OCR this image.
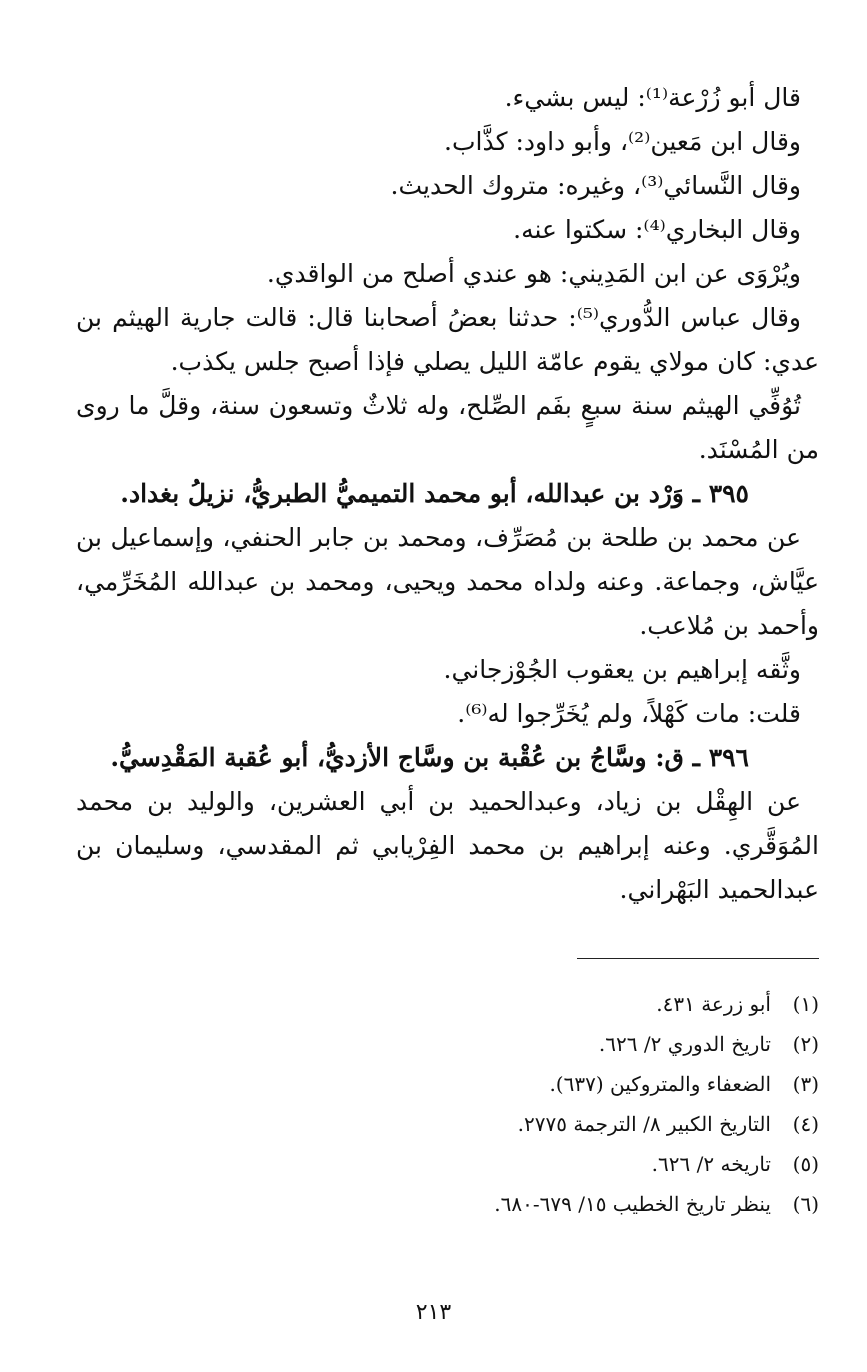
قال أبو زُرْعة⁽¹⁾: ليس بشيء.
وقال ابن مَعين⁽²⁾، وأبو داود: كذَّاب.
وقال النَّسائي⁽³⁾، وغيره: متروك الحديث.
وقال البخاري⁽⁴⁾: سكتوا عنه.
ويُرْوَى عن ابن المَدِيني: هو عندي أصلح من الواقدي.
وقال عباس الدُّوري⁽⁵⁾: حدثنا بعضُ أصحابنا قال: قالت جارية الهيثم بن
عدي: كان مولاي يقوم عامّة الليل يصلي فإذا أصبح جلس يكذب.
تُوُفِّي الهيثم سنة سبعٍ بفَم الصِّلح، وله ثلاثٌ وتسعون سنة، وقلَّ ما روى
من المُسْنَد.
٣٩٥ ـ وَرْد بن عبدالله، أبو محمد التميميُّ الطبريُّ، نزيلُ بغداد.
عن محمد بن طلحة بن مُصَرِّف، ومحمد بن جابر الحنفي، وإسماعيل بن
عيَّاش، وجماعة. وعنه ولداه محمد ويحيى، ومحمد بن عبدالله المُخَرِّمي،
وأحمد بن مُلاعب.
وثَّقه إبراهيم بن يعقوب الجُوْزجاني.
قلت: مات كَهْلاً، ولم يُخَرِّجوا له⁽⁶⁾.
٣٩٦ ـ ق: وسَّاجُ بن عُقْبة بن وسَّاج الأزديُّ، أبو عُقبة المَقْدِسيُّ.
عن الهِقْل بن زياد، وعبدالحميد بن أبي العشرين، والوليد بن محمد
المُوَقَّري. وعنه إبراهيم بن محمد الفِرْيابي ثم المقدسي، وسليمان بن
عبدالحميد البَهْراني.
(١)أبو زرعة ٤٣١.
(٢)تاريخ الدوري ٢/ ٦٢٦.
(٣)الضعفاء والمتروكين (٦٣٧).
(٤)التاريخ الكبير ٨/ الترجمة ٢٧٧٥.
(٥)تاريخه ٢/ ٦٢٦.
(٦)ينظر تاريخ الخطيب ١٥/ ٦٧٩-٦٨٠.
٢١٣
